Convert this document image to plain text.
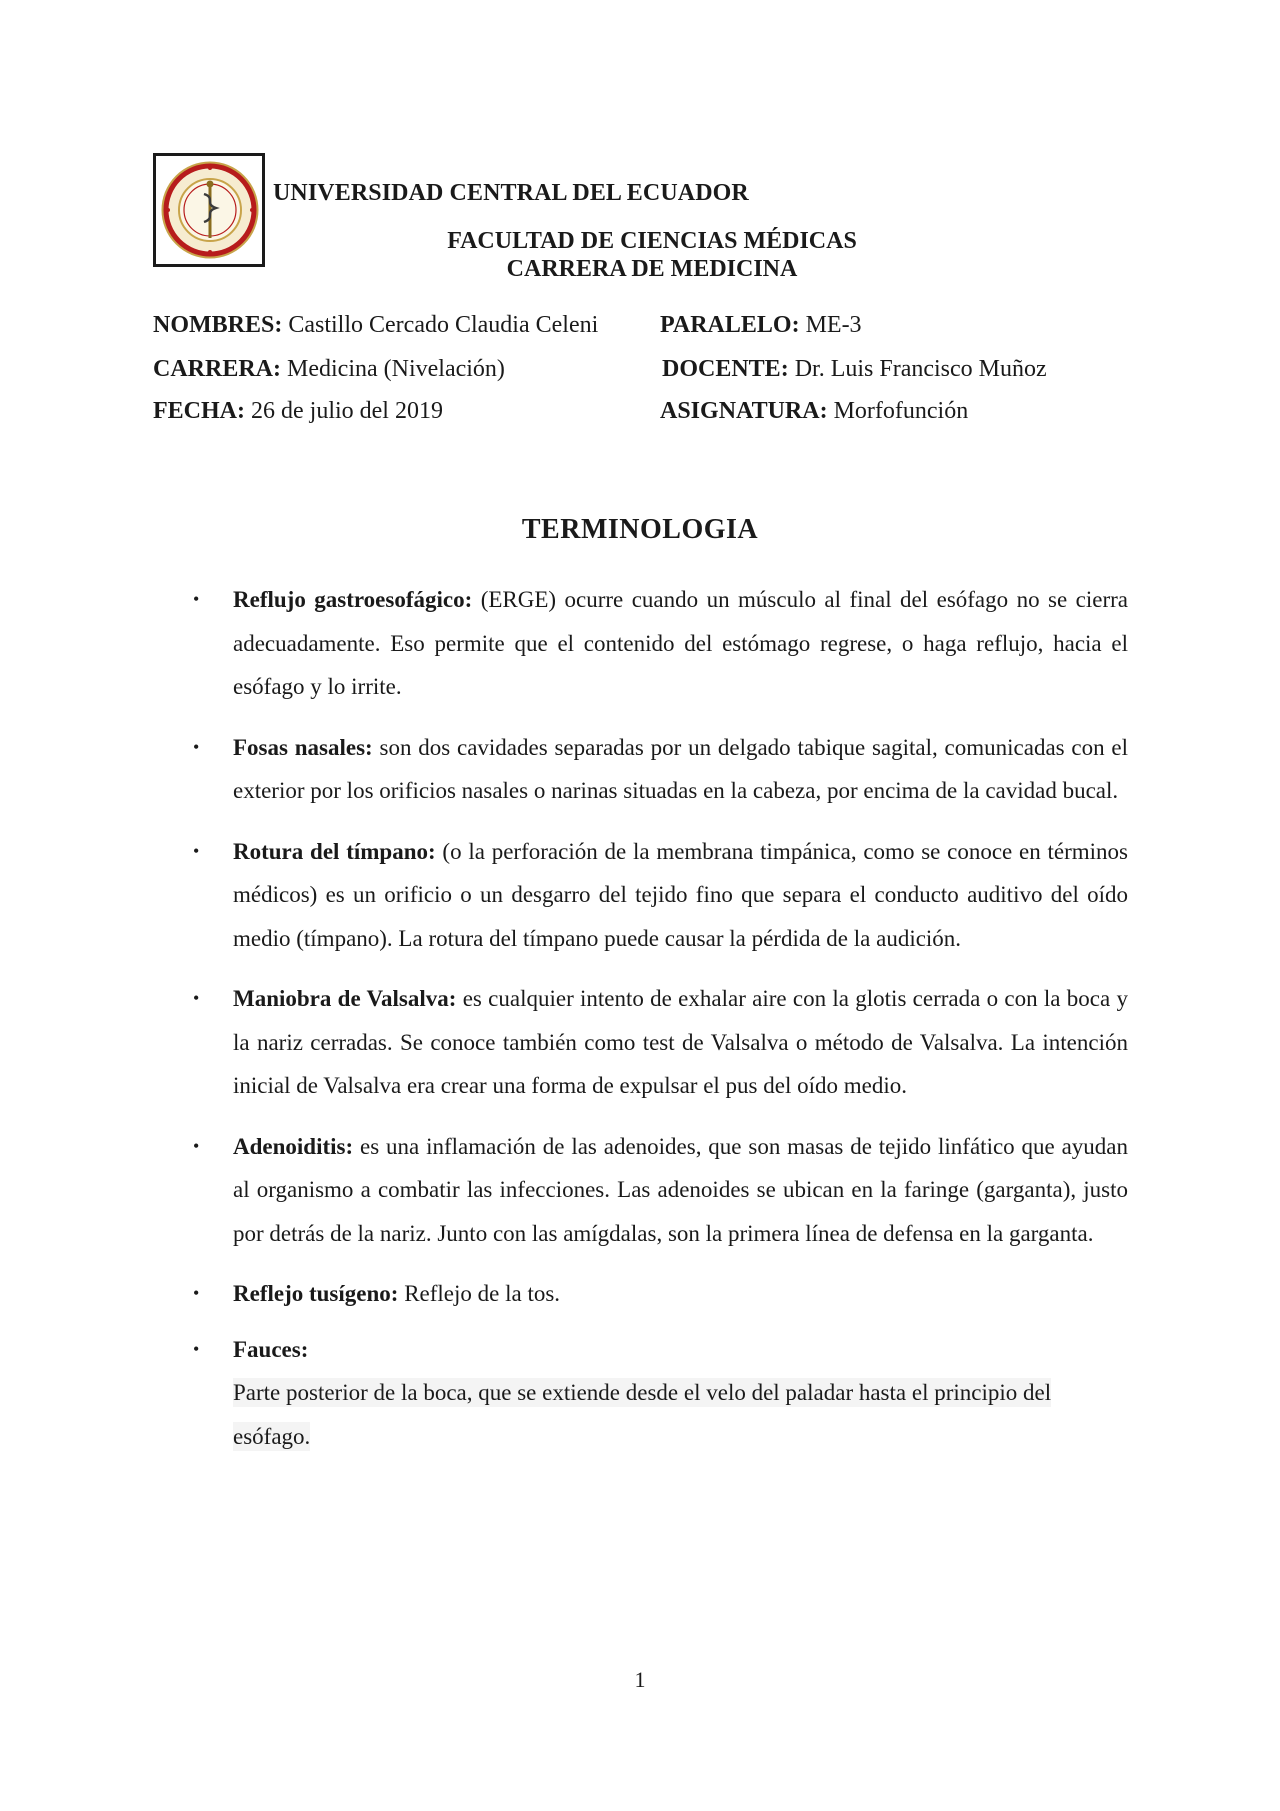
UNIVERSIDAD CENTRAL DEL ECUADOR
FACULTAD DE CIENCIAS MÉDICAS
CARRERA DE MEDICINA
NOMBRES: Castillo Cercado Claudia Celeni	PARALELO: ME-3
CARRERA: Medicina (Nivelación)	DOCENTE: Dr. Luis Francisco Muñoz
FECHA: 26 de julio del 2019	ASIGNATURA: Morfofunción
TERMINOLOGIA
• Reflujo gastroesofágico: (ERGE) ocurre cuando un músculo al final del esófago no se cierra adecuadamente. Eso permite que el contenido del estómago regrese, o haga reflujo, hacia el esófago y lo irrite.
• Fosas nasales: son dos cavidades separadas por un delgado tabique sagital, comunicadas con el exterior por los orificios nasales o narinas situadas en la cabeza, por encima de la cavidad bucal.
• Rotura del tímpano: (o la perforación de la membrana timpánica, como se conoce en términos médicos) es un orificio o un desgarro del tejido fino que separa el conducto auditivo del oído medio (tímpano). La rotura del tímpano puede causar la pérdida de la audición.
• Maniobra de Valsalva: es cualquier intento de exhalar aire con la glotis cerrada o con la boca y la nariz cerradas. Se conoce también como test de Valsalva o método de Valsalva. La intención inicial de Valsalva era crear una forma de expulsar el pus del oído medio.
• Adenoiditis: es una inflamación de las adenoides, que son masas de tejido linfático que ayudan al organismo a combatir las infecciones. Las adenoides se ubican en la faringe (garganta), justo por detrás de la nariz. Junto con las amígdalas, son la primera línea de defensa en la garganta.
• Reflejo tusígeno: Reflejo de la tos.
• Fauces:
Parte posterior de la boca, que se extiende desde el velo del paladar hasta el principio del esófago.
1
